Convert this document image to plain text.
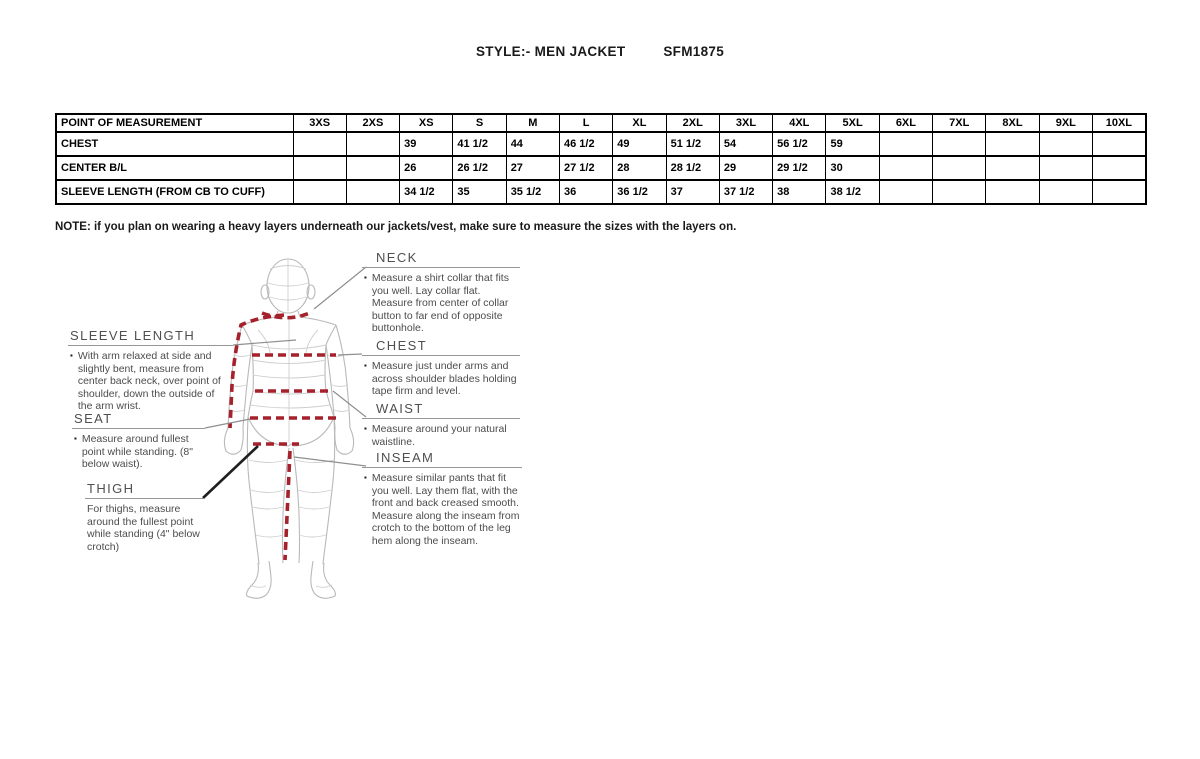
STYLE:- MEN JACKET	SFM1875
POINT OF MEASUREMENT	3XS	2XS	XS	S	M	L	XL	2XL	3XL	4XL	5XL	6XL	7XL	8XL	9XL	10XL
CHEST			39	41 1/2	44	46 1/2	49	51 1/2	54	56 1/2	59					
CENTER B/L			26	26 1/2	27	27 1/2	28	28 1/2	29	29 1/2	30					
SLEEVE LENGTH (FROM CB TO CUFF)			34 1/2	35	35 1/2	36	36 1/2	37	37 1/2	38	38 1/2					
NOTE: if you plan on wearing a heavy layers underneath our jackets/vest, make sure to measure the sizes with the layers on.
NECK
▪ Measure a shirt collar that fits you well. Lay collar flat. Measure from center of collar button to far end of opposite buttonhole.

CHEST
▪ Measure just under arms and across shoulder blades holding tape firm and level.

WAIST
▪ Measure around your natural waistline.

INSEAM
▪ Measure similar pants that fit you well. Lay them flat, with the front and back creased smooth. Measure along the inseam from crotch to the bottom of the leg hem along the inseam.

SLEEVE LENGTH
▪ With arm relaxed at side and slightly bent, measure from center back neck, over point of shoulder, down the outside of the arm wrist.

SEAT
▪ Measure around fullest point while standing. (8" below waist).

THIGH

For thighs, measure around the fullest point while standing (4" below crotch)
